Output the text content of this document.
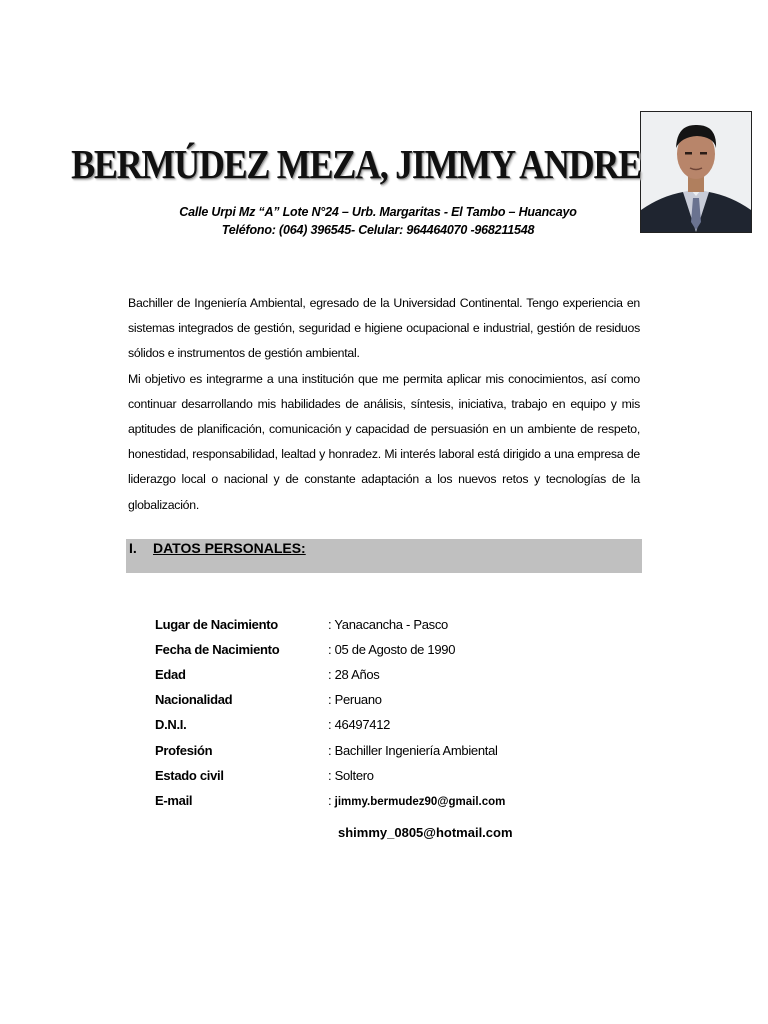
BERMÚDEZ MEZA, JIMMY ANDRE
Calle Urpi Mz “A” Lote N°24 – Urb. Margaritas - El Tambo – Huancayo
Teléfono: (064) 396545- Celular: 964464070 -968211548

Bachiller de Ingeniería Ambiental, egresado de la Universidad Continental. Tengo experiencia en sistemas integrados de gestión, seguridad e higiene ocupacional e industrial, gestión de residuos sólidos e instrumentos de gestión ambiental.

Mi objetivo es integrarme a una institución que me permita aplicar mis conocimientos, así como continuar desarrollando mis habilidades de análisis, síntesis, iniciativa, trabajo en equipo y mis aptitudes de planificación, comunicación y capacidad de persuasión en un ambiente de respeto, honestidad, responsabilidad, lealtad y honradez. Mi interés laboral está dirigido a una empresa de liderazgo local o nacional y de constante adaptación a los nuevos retos y tecnologías de la globalización.

I. DATOS PERSONALES:
Lugar de Nacimiento	: Yanacancha - Pasco
Fecha de Nacimiento	: 05 de Agosto de 1990
Edad	: 28 Años
Nacionalidad	: Peruano
D.N.I.	: 46497412
Profesión	: Bachiller Ingeniería Ambiental
Estado civil	: Soltero
E-mail	: jimmy.bermudez90@gmail.com
shimmy_0805@hotmail.com
